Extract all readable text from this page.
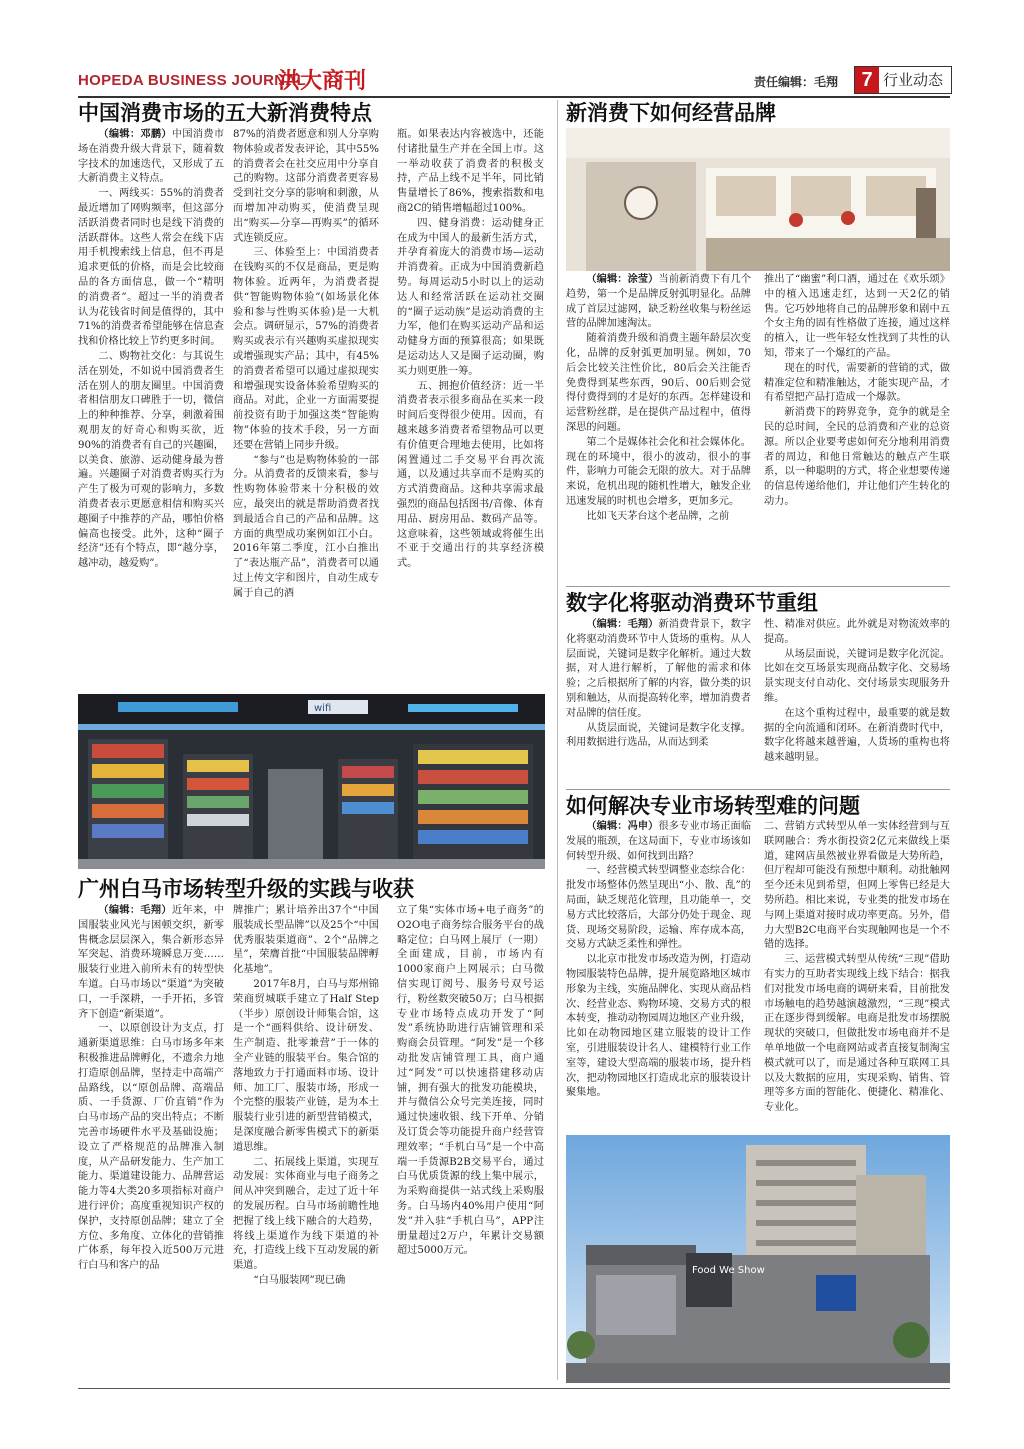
HOPEDA BUSINESS JOURNAL
洪大商刊	责任编辑：毛翔	7 行业动态
中国消费市场的五大新消费特点

（编辑：邓鹏）中国消费市场在消费升级大背景下，随着数字技术的加速迭代，又形成了五大新消费主义特点。

一、两线买：55%的消费者最近增加了网购频率，但这部分活跃消费者同时也是线下消费的活跃群体。这些人常会在线下店用手机搜索线上信息，但不再是追求更低的价格，而是会比较商品的各方面信息，做一个“精明的消费者”。超过一半的消费者认为花钱省时间是值得的，其中71%的消费者希望能够在信息查找和价格比较上节约更多时间。

二、购物社交化：与其说生活在别处，不如说中国消费者生活在别人的朋友圈里。中国消费者相信朋友口碑胜于一切，微信上的种种推荐、分享，刺激着围观朋友的好奇心和购买欲，近90%的消费者有自己的兴趣圈，以美食、旅游、运动健身最为普遍。兴趣圈子对消费者购买行为产生了极为可观的影响力，多数消费者表示更愿意相信和购买兴趣圈子中推荐的产品，哪怕价格偏高也接受。此外，这种“圈子经济”还有个特点，即“越分享，越冲动，越爱购”。

87%的消费者愿意和别人分享购物体验或者发表评论，其中55%的消费者会在社交应用中分享自己的购物。这部分消费者更容易受到社交分享的影响和刺激，从而增加冲动购买，使消费呈现出“购买—分享—再购买”的循环式连锁反应。

三、体验至上：中国消费者在钱购买的不仅是商品，更是购物体验。近两年，为消费者提供“智能购物体验”(如场景化体验和参与性购买体验)是一大机会点。调研显示，57%的消费者购买或表示有兴趣购买虚拟现实或增强现实产品；其中，有45%的消费者希望可以通过虚拟现实和增强现实设备体验希望购买的商品。对此，企业一方面需要提前投资有助于加强这类“智能购物”体验的技术手段，另一方面还要在营销上同步升级。

“参与”也是购物体验的一部分。从消费者的反馈来看，参与性购物体验带来十分积极的效应，最突出的就是帮助消费者找到最适合自己的产品和品牌。这方面的典型成功案例如江小白。2016年第二季度，江小白推出了“表达瓶产品”，消费者可以通过上传文字和图片，自动生成专属于自己的酒

瓶。如果表达内容被选中，还能付诸批量生产并在全国上市。这一举动收获了消费者的积极支持，产品上线不足半年，同比销售量增长了86%，搜索指数和电商2C的销售增幅超过100%。

四、健身消费：运动健身正在成为中国人的最新生活方式，并孕育着庞大的消费市场—运动并消费着。正成为中国消费新趋势。每周运动5小时以上的运动达人和经常活跃在运动社交圈的“圈子运动族”是运动消费的主力军，他们在购买运动产品和运动健身方面的预算很高；如果既是运动达人又是圈子运动圈，购买力则更胜一筹。

五、拥抱价值经济：近一半消费者表示很多商品在买来一段时间后变得很少使用。因而，有越来越多消费者希望物品可以更有价值更合理地去使用，比如将闲置通过二手交易平台再次流通，以及通过共享而不是购买的方式消费商品。这种共享需求最强烈的商品包括图书/音像、体育用品、厨房用品、数码产品等。这意味着，这些领域或将催生出不亚于交通出行的共享经济模式。

wifi
广州白马市场转型升级的实践与收获

（编辑：毛翔）近年来，中国服装业风光与困顿交织，新零售概念层层深入，集合新形态异军突起、消费环境瞬息万变……服装行业进入前所未有的转型快车道。白马市场以“渠道”为突破口，一手深耕，一手开拓，多管齐下创造“新渠道”。

一、以原创设计为支点，打通新渠道思维：白马市场多年来积极推进品牌孵化，不遗余力地打造原创品牌，坚持走中高端产品路线，以“原创品牌、高端品质、一手货源、厂价直销”作为白马市场产品的突出特点；不断完善市场硬件水平及基础设施；设立了严格规范的品牌准入制度，从产品研发能力、生产加工能力、渠道建设能力、品牌营运能力等4大类20多项指标对商户进行评价；高度重视知识产权的保护，支持原创品牌；建立了全方位、多角度、立体化的营销推广体系，每年投入近500万元进行白马和客户的品

牌推广；累计培养出37个“中国服装成长型品牌”以及25个“中国优秀服装渠道商”、2个“品牌之星”，荣膺首批“中国服装品牌孵化基地”。

2017年8月，白马与郑州锦荣商贸城联手建立了Half Step（半步）原创设计师集合馆，这是一个“画料供给、设计研发、生产制造、批零兼营”于一体的全产业链的服装平台。集合馆的落地致力于打通面料市场、设计师、加工厂、服装市场，形成一个完整的服装产业链，是为本土服装行业引进的新型营销模式，是深度融合新零售模式下的新渠道思维。

二、拓展线上渠道，实现互动发展：实体商业与电子商务之间从冲突到融合，走过了近十年的发展历程。白马市场前瞻性地把握了线上线下融合的大趋势，将线上渠道作为线下渠道的补充，打造线上线下互动发展的新渠道。

“白马服装网”现已确

立了集“实体市场+电子商务”的O2O电子商务综合服务平台的战略定位；白马网上展厅（一期）全面建成，目前，市场内有1000家商户上网展示；白马微信实现订阅号、服务号双号运行，粉丝数突破50万；白马根据专业市场特点成功开发了“阿发”系统协助进行店铺管理和采购商会员管理。“阿发”是一个移动批发店铺管理工具，商户通过“阿发”可以快速搭建移动店铺，拥有强大的批发功能模块，并与微信公众号完美连接，同时通过快速收银、线下开单、分销及订货会等功能提升商户经营管理效率；“手机白马”是一个中高端一手货源B2B交易平台，通过白马优质货源的线上集中展示，为采购商提供一站式线上采购服务。白马场内40%用户使用“阿发”并入驻“手机白马”，APP注册量超过2万户，年累计交易额超过5000万元。

新消费下如何经营品牌

（编辑：涂莹）当前新消费下有几个趋势，第一个是品牌反射弧明显化。品牌成了首层过滤网，缺乏粉丝收集与粉丝运营的品牌加速淘汰。

随着消费升级和消费主题年龄层次变化，品牌的反射弧更加明显。例如，70后会比较关注性价比，80后会关注能否免费得到某些东西，90后、00后则会觉得付费得到的才是好的东西。怎样建设和运营粉丝群，是在提供产品过程中，值得深思的问题。

第二个是媒体社会化和社会媒体化。现在的环境中，很小的波动，很小的事件，影响力可能会无限的放大。对于品牌来说，危机出现的随机性增大，触发企业迅速发展的时机也会增多，更加多元。

比如飞天茅台这个老品牌，之前

推出了“幽蜜”利口酒，通过在《欢乐颂》中的植入迅速走红，达到一天2亿的销售。它巧妙地将自己的品牌形象和剧中五个女主角的固有性格做了连接，通过这样的植入，让一些年轻女性找到了共性的认知，带来了一个爆红的产品。

现在的时代，需要新的营销的式，做精准定位和精准触达，才能实现产品，才有希望把产品打造成一个爆款。

新消费下的跨界竞争，竞争的就是全民的总时间，全民的总消费和产业的总资源。所以企业要考虑如何充分地利用消费者的周边，和他日常触达的触点产生联系，以一种聪明的方式，将企业想要传递的信息传递给他们，并让他们产生转化的动力。

数字化将驱动消费环节重组

（编辑：毛翔）新消费背景下，数字化将驱动消费环节中人货场的重构。从人层面说，关键词是数字化解析。通过大数据，对人进行解析，了解他的需求和体验；之后根据所了解的内容，做分类的识别和触达，从而提高转化率，增加消费者对品牌的信任度。

从货层面说，关键词是数字化支撑。利用数据进行选品，从而达到柔

性、精准对供应。此外就是对物流效率的提高。

从场层面说，关键词是数字化沉淀。比如在交互场景实现商品数字化、交易场景实现支付自动化、交付场景实现服务升维。

在这个重构过程中，最重要的就是数据的全向流通和闭环。在新消费时代中，数字化将越来越普遍，人货场的重构也将越来越明显。

如何解决专业市场转型难的问题

（编辑：冯申）很多专业市场正面临发展的瓶颈，在这局面下，专业市场该如何转型升级、如何找到出路？

一、经营模式转型调整业态综合化：批发市场整体仍然呈现出“小、散、乱”的局面，缺乏规范化管理，且功能单一，交易方式比较落后，大部分仍处于现金、现货、现场交易阶段，运输、库存成本高，交易方式缺乏柔性和弹性。

以北京市批发市场改造为例，打造动物园服装特色品牌，提升展览路地区城市形象为主线，实施品牌化、实现从商品档次、经营业态、购物环境、交易方式的根本转变，推动动物园周边地区产业升级，比如在动物园地区建立服装的设计工作室，引进服装设计名人、建模特行业工作室等，建设大型高端的服装市场，提升档次，把动物园地区打造成北京的服装设计聚集地。

二、营销方式转型从单一实体经营到与互联网融合：秀水街投资2亿元来做线上渠道，建网店虽然被业界看做是大势所趋，但厅程却可能没有预想中顺利。动批触网至今还未见到希望，但网上零售已经是大势所趋。相比来说，专业类的批发市场在与网上渠道对接时成功率更高。另外，借力大型B2C电商平台实现触网也是一个不错的选择。

三、运营模式转型从传统“三现”借助有实力的互助者实现线上线下结合：据我们对批发市场电商的调研来看，目前批发市场触电的趋势越演越激烈，“三现”模式正在逐步得到缓解。电商是批发市场摆脱现状的突破口，但做批发市场电商并不是单单地做一个电商网站或者直接复制淘宝模式就可以了，而是通过各种互联网工具以及大数据的应用，实现采购、销售、管理等多方面的智能化、便捷化、精准化、专业化。

Food We Show
